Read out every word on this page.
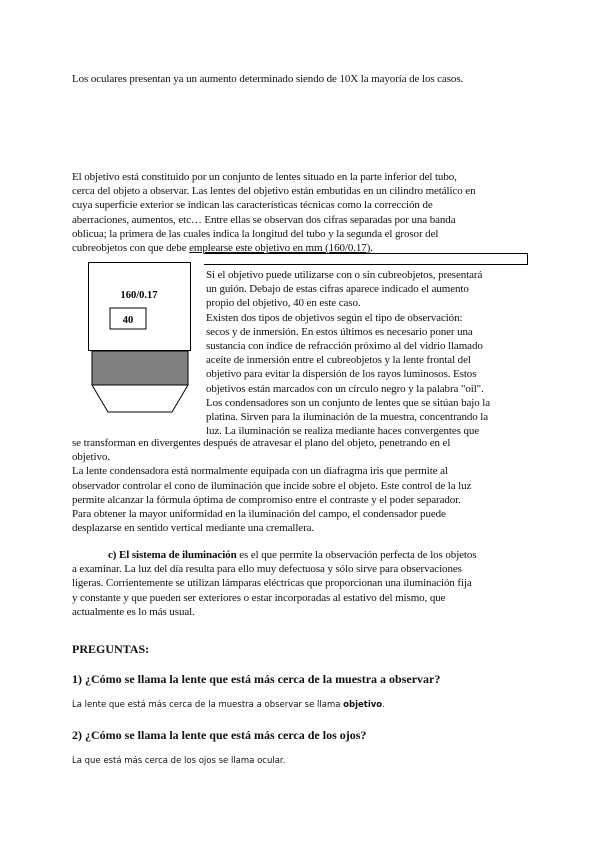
Los oculares presentan ya un aumento determinado siendo de 10X la mayoría de los casos.

El objetivo está constituido por un conjunto de lentes situado en la parte inferior del tubo,
cerca del objeto a observar. Las lentes del objetivo están embutidas en un cilindro metálico en
cuya superficie exterior se indican las características técnicas como la corrección de
aberraciones, aumentos, etc… Entre ellas se observan dos cifras separadas por una banda
oblicua; la primera de las cuales indica la longitud del tubo y la segunda el grosor del
cubreobjetos con que debe emplearse este objetivo en mm (160/0.17).
160/0.17
40
Si el objetivo puede utilizarse con o sin cubreobjetos, presentará
un guión. Debajo de estas cifras aparece indicado el aumento
propio del objetivo, 40 en este caso.
Existen dos tipos de objetivos según el tipo de observación:
secos y de inmersión. En estos últimos es necesario poner una
sustancia con índice de refracción próximo al del vidrio llamado
aceite de inmersión entre el cubreobjetos y la lente frontal del
objetivo para evitar la dispersión de los rayos luminosos. Estos
objetivos están marcados con un círculo negro y la palabra "oil".
Los condensadores son un conjunto de lentes que se sitúan bajo la
platina. Sirven para la iluminación de la muestra, concentrando la
luz. La iluminación se realiza mediante haces convergentes que
se transforman en divergentes después de atravesar el plano del objeto, penetrando en el
objetivo.
La lente condensadora está normalmente equipada con un diafragma iris que permite al
observador controlar el cono de iluminación que incide sobre el objeto. Este control de la luz
permite alcanzar la fórmula óptima de compromiso entre el contraste y el poder separador.
Para obtener la mayor uniformidad en la iluminación del campo, el condensador puede
desplazarse en sentido vertical mediante una cremallera.
c) El sistema de iluminación es el que permite la observación perfecta de los objetos
a examinar. La luz del día resulta para ello muy defectuosa y sólo sirve para observaciones
ligeras. Corrientemente se utilizan lámparas eléctricas que proporcionan una iluminación fija
y constante y que pueden ser exteriores o estar incorporadas al estativo del mismo, que
actualmente es lo más usual.
PREGUNTAS:
1) ¿Cómo se llama la lente que está más cerca de la muestra a observar?
La lente que está más cerca de la muestra a observar se llama objetivo.
2) ¿Cómo se llama la lente que está más cerca de los ojos?
La que está más cerca de los ojos se llama ocular.
